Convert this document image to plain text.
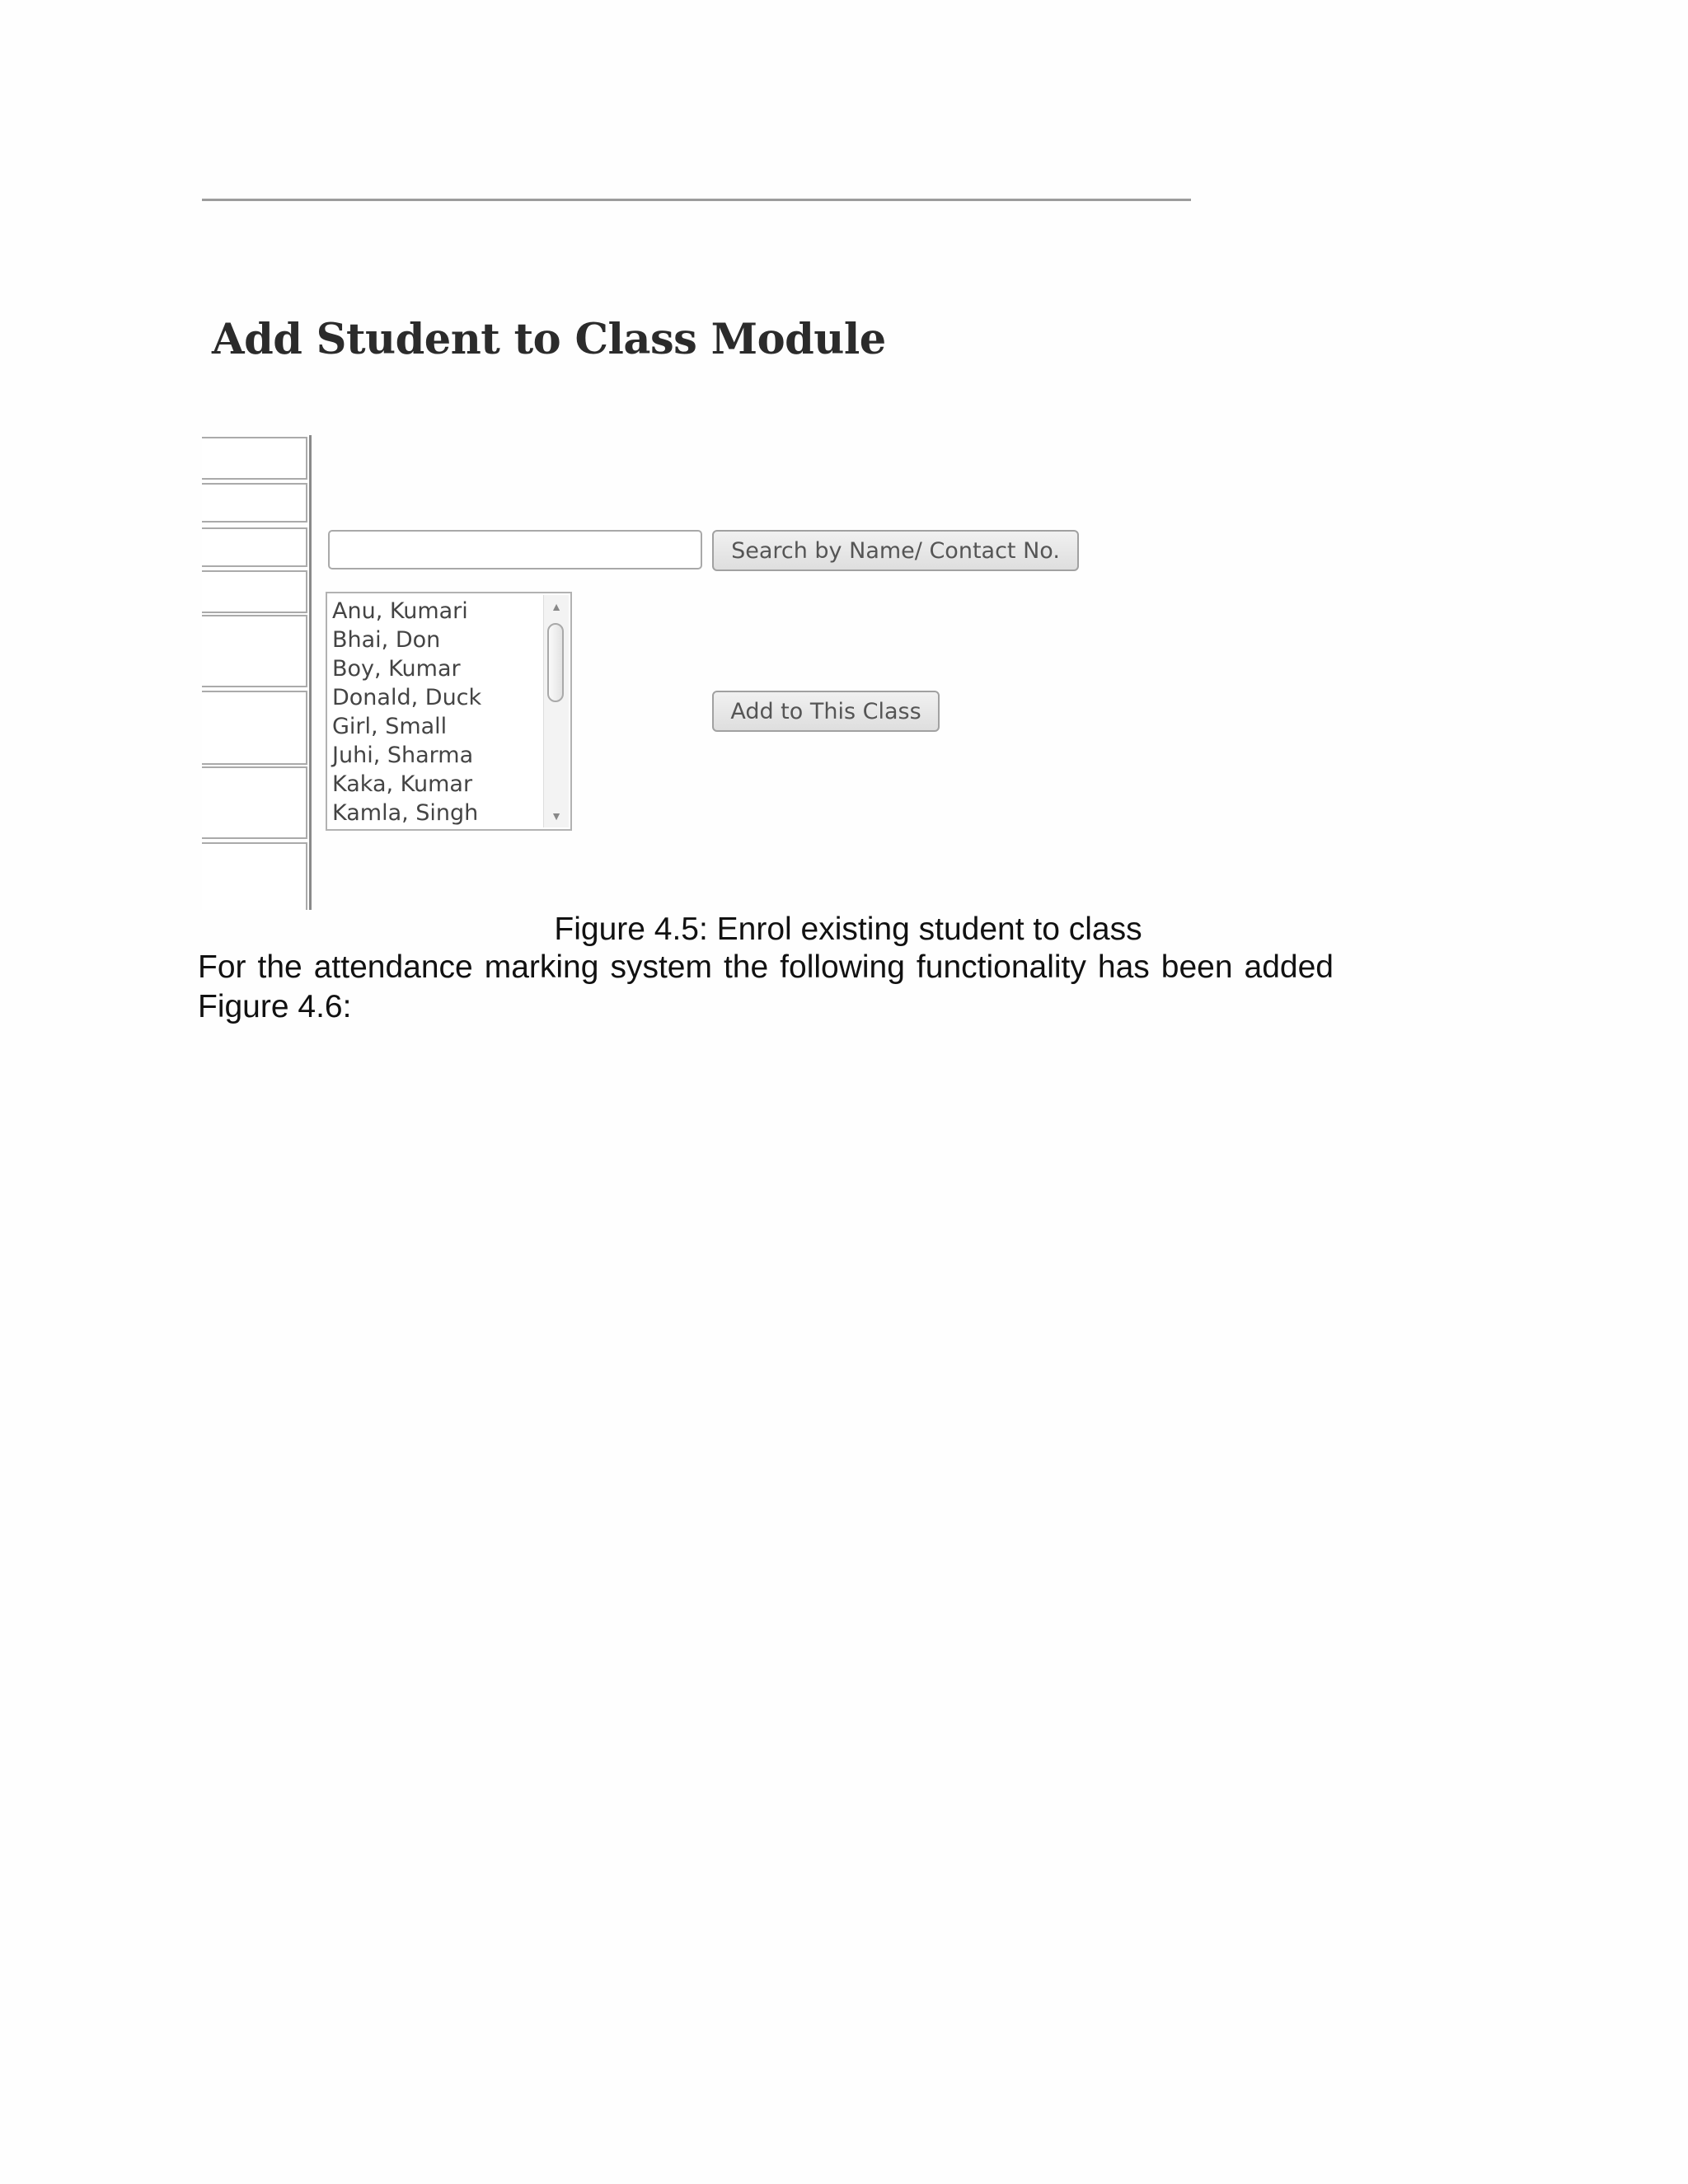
Add Student to Class Module
Search by Name/ Contact No.
Anu, Kumari
Bhai, Don
Boy, Kumar
Donald, Duck
Girl, Small
Juhi, Sharma
Kaka, Kumar
Kamla, Singh
▲
▼
Add to This Class
Figure 4.5: Enrol existing student to class
For the attendance marking system the following functionality has been added
Figure 4.6:
